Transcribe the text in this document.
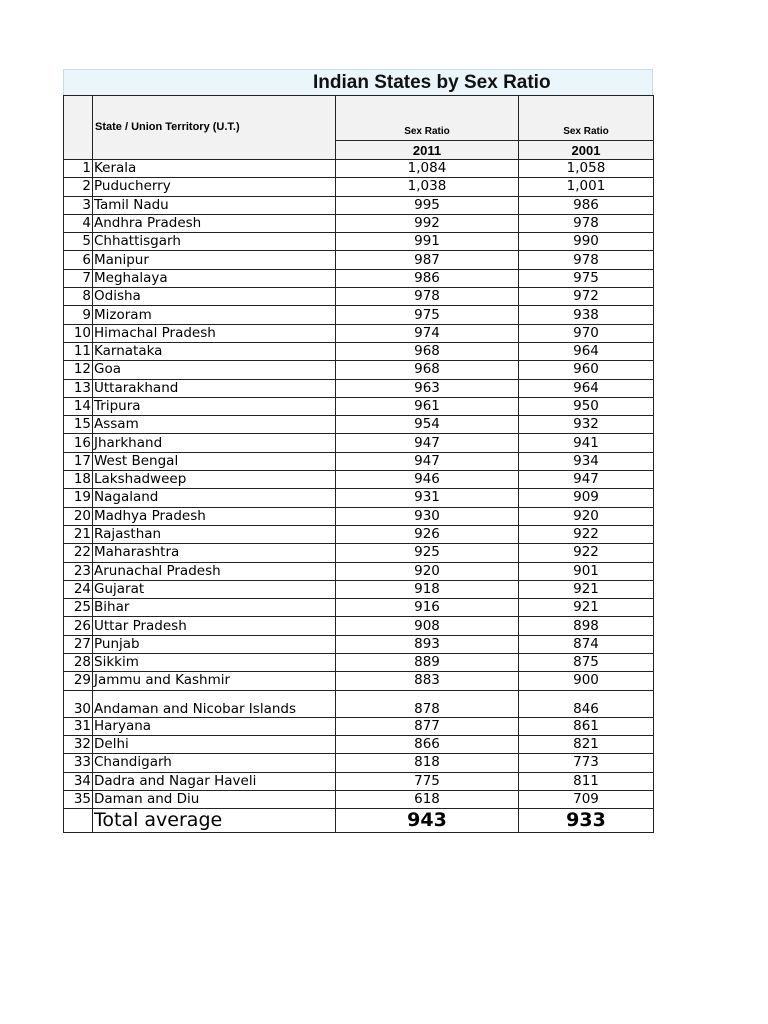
Indian States by Sex Ratio
	State / Union Territory (U.T.)	Sex Ratio	Sex Ratio
		2011	2001
1	Kerala	1,084	1,058
2	Puducherry	1,038	1,001
3	Tamil Nadu	995	986
4	Andhra Pradesh	992	978
5	Chhattisgarh	991	990
6	Manipur	987	978
7	Meghalaya	986	975
8	Odisha	978	972
9	Mizoram	975	938
10	Himachal Pradesh	974	970
11	Karnataka	968	964
12	Goa	968	960
13	Uttarakhand	963	964
14	Tripura	961	950
15	Assam	954	932
16	Jharkhand	947	941
17	West Bengal	947	934
18	Lakshadweep	946	947
19	Nagaland	931	909
20	Madhya Pradesh	930	920
21	Rajasthan	926	922
22	Maharashtra	925	922
23	Arunachal Pradesh	920	901
24	Gujarat	918	921
25	Bihar	916	921
26	Uttar Pradesh	908	898
27	Punjab	893	874
28	Sikkim	889	875
29	Jammu and Kashmir	883	900
30	Andaman and Nicobar Islands	878	846
31	Haryana	877	861
32	Delhi	866	821
33	Chandigarh	818	773
34	Dadra and Nagar Haveli	775	811
35	Daman and Diu	618	709
	Total average	943	933
